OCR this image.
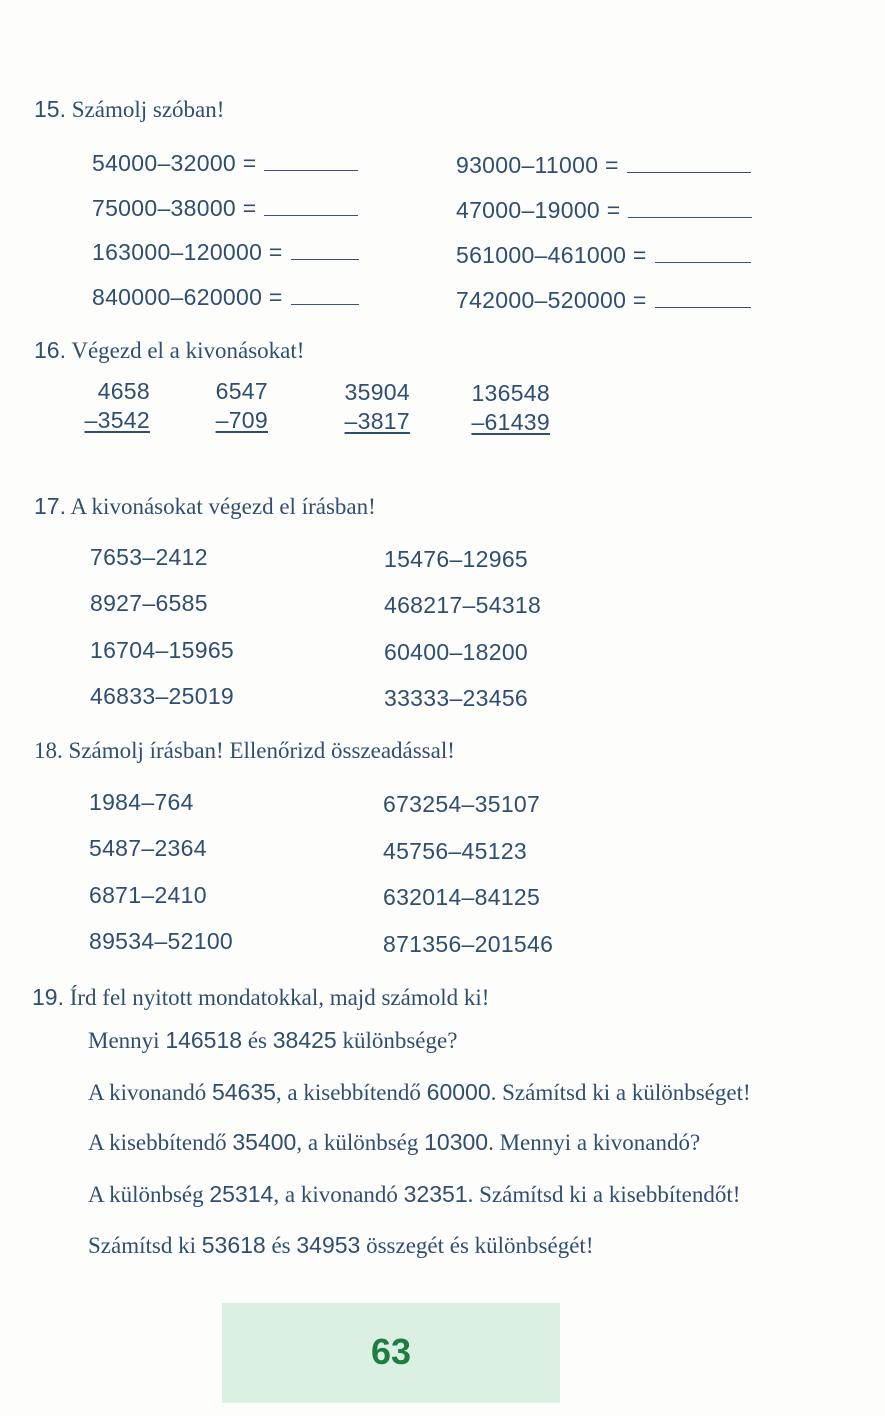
15. Számolj szóban!
54000–32000 =
75000–38000 =
163000–120000 =
840000–620000 =
93000–11000 =
47000–19000 =
561000–461000 =
742000–520000 =
16. Végezd el a kivonásokat!
4658
–3542
6547
–709
35904
–3817
136548
–61439
17. A kivonásokat végezd el írásban!
7653–2412
8927–6585
16704–15965
46833–25019
15476–12965
468217–54318
60400–18200
33333–23456
18. Számolj írásban! Ellenőrizd összeadással!
1984–764
5487–2364
6871–2410
89534–52100
673254–35107
45756–45123
632014–84125
871356–201546
19. Írd fel nyitott mondatokkal, majd számold ki!
Mennyi 146518 és 38425 különbsége?
A kivonandó 54635, a kisebbítendő 60000. Számítsd ki a különbséget!
A kisebbítendő 35400, a különbség 10300. Mennyi a kivonandó?
A különbség 25314, a kivonandó 32351. Számítsd ki a kisebbítendőt!
Számítsd ki 53618 és 34953 összegét és különbségét!
63
